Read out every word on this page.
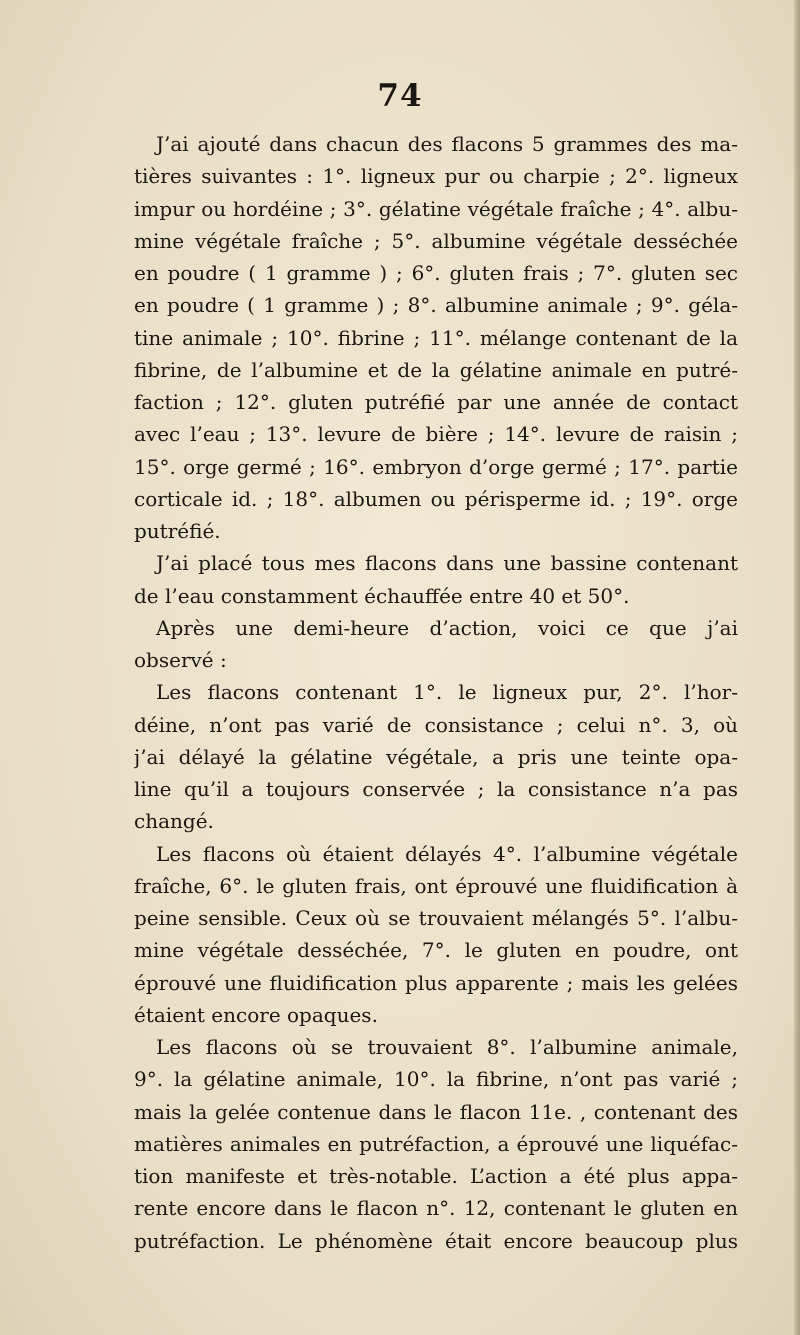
74
J’ai ajouté dans chacun des flacons 5 grammes des ma-
tières suivantes : 1°. ligneux pur ou charpie ; 2°. ligneux
impur ou hordéine ; 3°. gélatine végétale fraîche ; 4°. albu-
mine végétale fraîche ; 5°. albumine végétale desséchée
en poudre ( 1 gramme ) ; 6°. gluten frais ; 7°. gluten sec
en poudre ( 1 gramme ) ; 8°. albumine animale ; 9°. géla-
tine animale ; 10°. fibrine ; 11°. mélange contenant de la
fibrine, de l’albumine et de la gélatine animale en putré-
faction ; 12°. gluten putréfié par une année de contact
avec l’eau ; 13°. levure de bière ; 14°. levure de raisin ;
15°. orge germé ; 16°. embryon d’orge germé ; 17°. partie
corticale id. ; 18°. albumen ou périsperme id. ; 19°. orge
putréfié.
J’ai placé tous mes flacons dans une bassine contenant
de l’eau constamment échauffée entre 40 et 50°.
Après une demi-heure d’action, voici ce que j’ai
observé :
Les flacons contenant 1°. le ligneux pur, 2°. l’hor-
déine, n’ont pas varié de consistance ; celui n°. 3, où
j’ai délayé la gélatine végétale, a pris une teinte opa-
line qu’il a toujours conservée ; la consistance n’a pas
changé.
Les flacons où étaient délayés 4°. l’albumine végétale
fraîche, 6°. le gluten frais, ont éprouvé une fluidification à
peine sensible. Ceux où se trouvaient mélangés 5°. l’albu-
mine végétale desséchée, 7°. le gluten en poudre, ont
éprouvé une fluidification plus apparente ; mais les gelées
étaient encore opaques.
Les flacons où se trouvaient 8°. l’albumine animale,
9°. la gélatine animale, 10°. la fibrine, n’ont pas varié ;
mais la gelée contenue dans le flacon 11e. , contenant des
matières animales en putréfaction, a éprouvé une liquéfac-
tion manifeste et très-notable. L’action a été plus appa-
rente encore dans le flacon n°. 12, contenant le gluten en
putréfaction. Le phénomène était encore beaucoup plus
